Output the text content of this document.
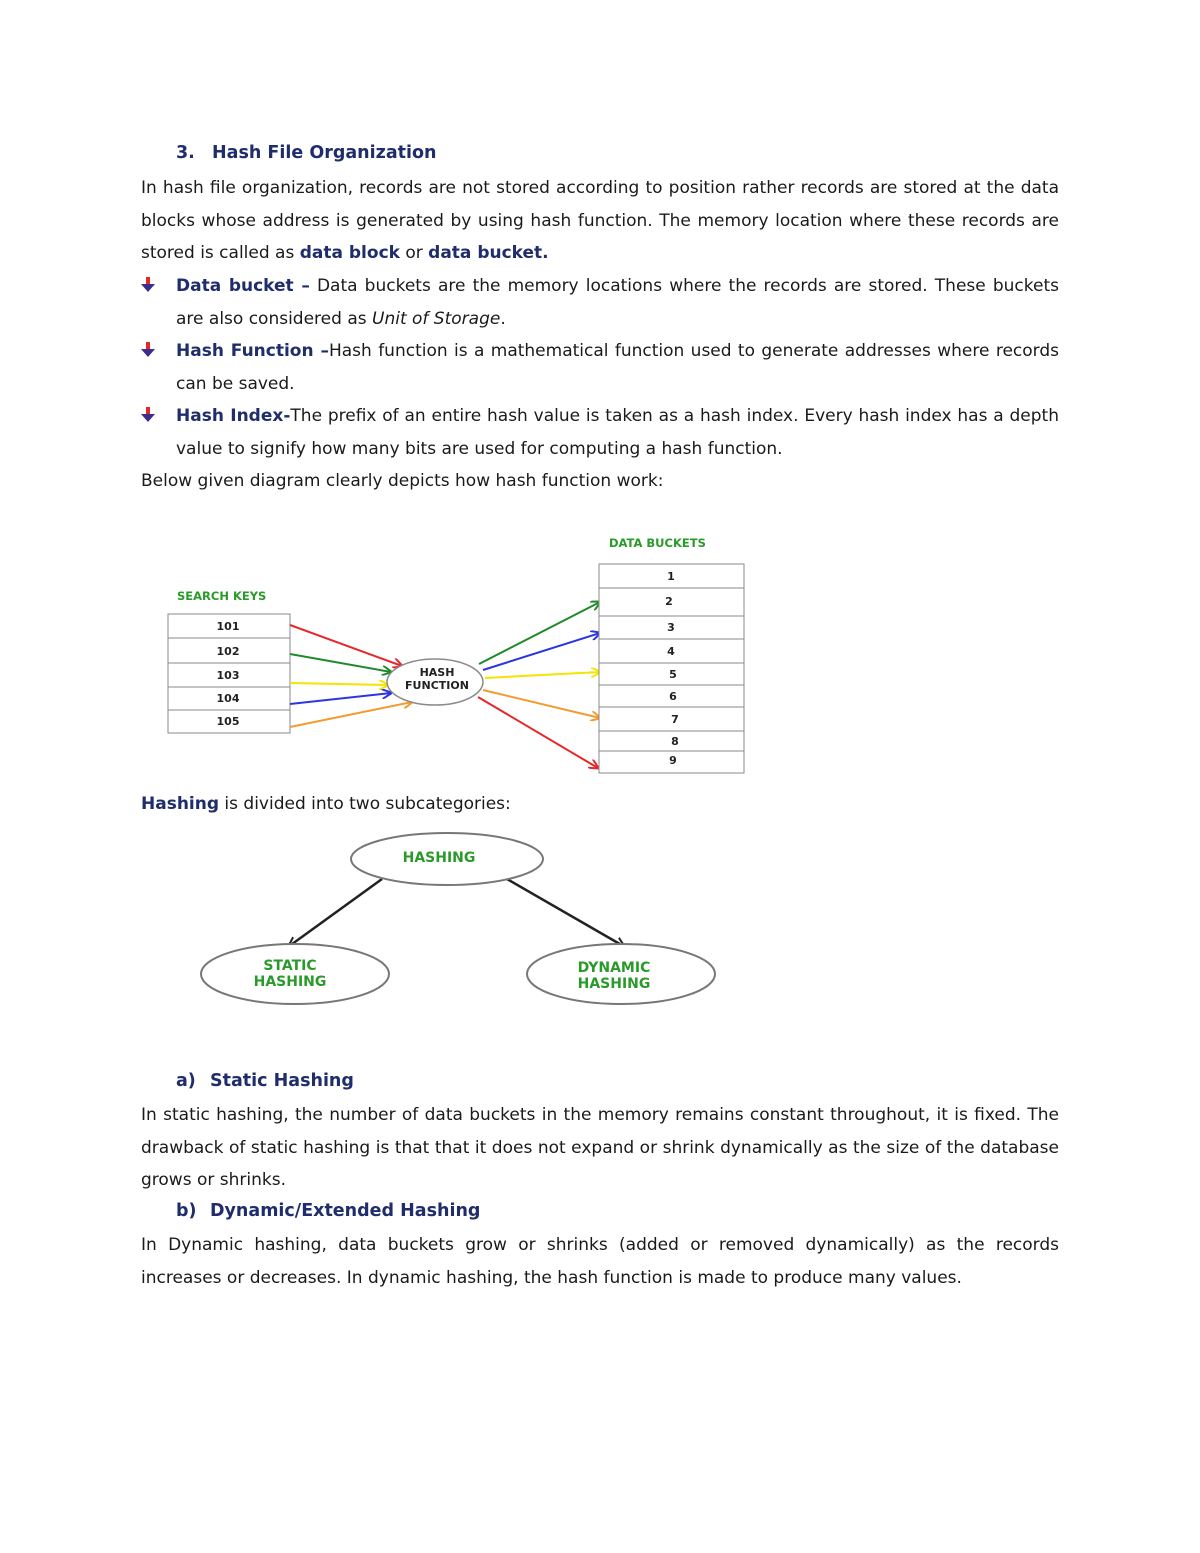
3. Hash File Organization
In hash file organization, records are not stored according to position rather records are stored at the data blocks whose address is generated by using hash function. The memory location where these records are stored is called as data block or data bucket.
Data bucket – Data buckets are the memory locations where the records are stored. These buckets are also considered as Unit of Storage.
Hash Function –Hash function is a mathematical function used to generate addresses where records can be saved.
Hash Index-The prefix of an entire hash value is taken as a hash index. Every hash index has a depth value to signify how many bits are used for computing a hash function.
Below given diagram clearly depicts how hash function work:
SEARCH KEYS
101
102
103
104
105
HASH
FUNCTION
DATA BUCKETS
1
2
3
4
5
6
7
8
9
HASHING
STATIC
HASHING
DYNAMIC
HASHING
Hashing is divided into two subcategories:
a) Static Hashing
In static hashing, the number of data buckets in the memory remains constant throughout, it is fixed. The drawback of static hashing is that that it does not expand or shrink dynamically as the size of the database grows or shrinks.
b) Dynamic/Extended Hashing
In Dynamic hashing, data buckets grow or shrinks (added or removed dynamically) as the records increases or decreases. In dynamic hashing, the hash function is made to produce many values.
